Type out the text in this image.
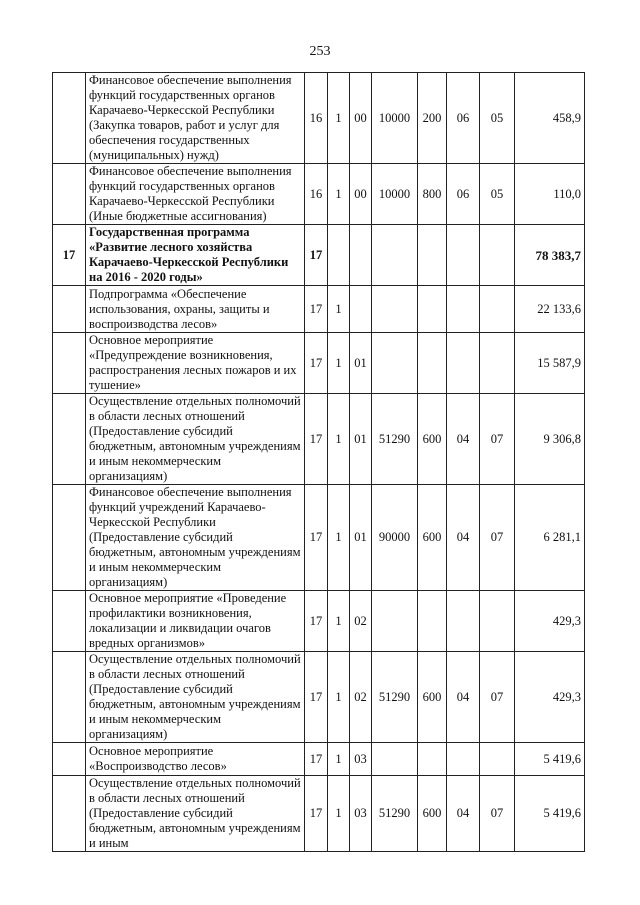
253
	Финансовое обеспечение выполнения функций государственных органов Карачаево-Черкесской Республики (Закупка товаров, работ и услуг для обеспечения государственных (муниципальных) нужд)	16	1	00	10000	200	06	05	458,9
	Финансовое обеспечение выполнения функций государственных органов Карачаево-Черкесской Республики (Иные бюджетные ассигнования)	16	1	00	10000	800	06	05	110,0
17	Государственная программа «Развитие лесного хозяйства Карачаево-Черкесской Республики на 2016 - 2020 годы»	17							78 383,7
	Подпрограмма «Обеспечение использования, охраны, защиты и воспроизводства лесов»	17	1						22 133,6
	Основное мероприятие «Предупреждение возникновения, распространения лесных пожаров и их тушение»	17	1	01					15 587,9
	Осуществление отдельных полномочий в области лесных отношений (Предоставление субсидий бюджетным, автономным учреждениям и иным некоммерческим организациям)	17	1	01	51290	600	04	07	9 306,8
	Финансовое обеспечение выполнения функций учреждений Карачаево-Черкесской Республики (Предоставление субсидий бюджетным, автономным учреждениям и иным некоммерческим организациям)	17	1	01	90000	600	04	07	6 281,1
	Основное мероприятие «Проведение профилактики возникновения, локализации и ликвидации очагов вредных организмов»	17	1	02					429,3
	Осуществление отдельных полномочий в области лесных отношений (Предоставление субсидий бюджетным, автономным учреждениям и иным некоммерческим организациям)	17	1	02	51290	600	04	07	429,3
	Основное мероприятие «Воспроизводство лесов»	17	1	03					5 419,6
	Осуществление отдельных полномочий в области лесных отношений (Предоставление субсидий бюджетным, автономным учреждениям и иным	17	1	03	51290	600	04	07	5 419,6
